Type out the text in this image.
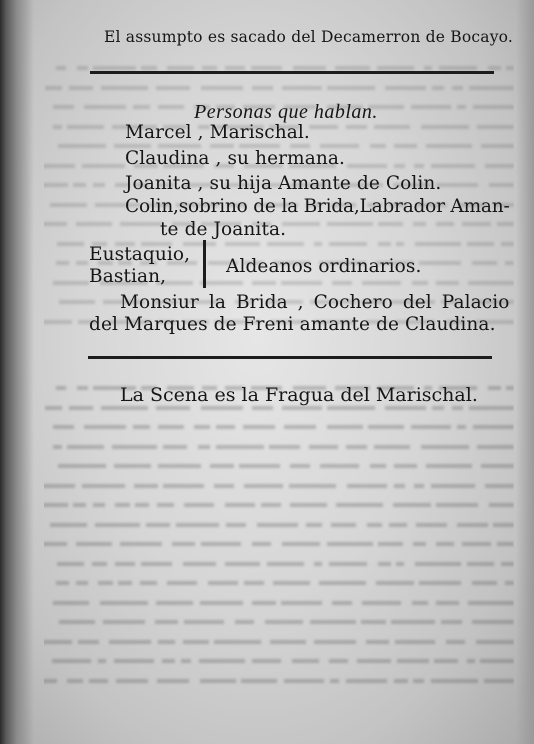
El assumpto es sacado del Decamerron de Bocayo.
Personas que hablan.
Marcel , Marischal.
Claudina , su hermana.
Joanita , su hija Amante de Colin.
Colin,sobrino de la Brida,Labrador Aman-
te de Joanita.
Eustaquio,
Bastian,	Aldeanos ordinarios.
Monsiur la Brida , Cochero del Palacio
del Marques de Freni amante de Claudina.
La Scena es la Fragua del Marischal.
